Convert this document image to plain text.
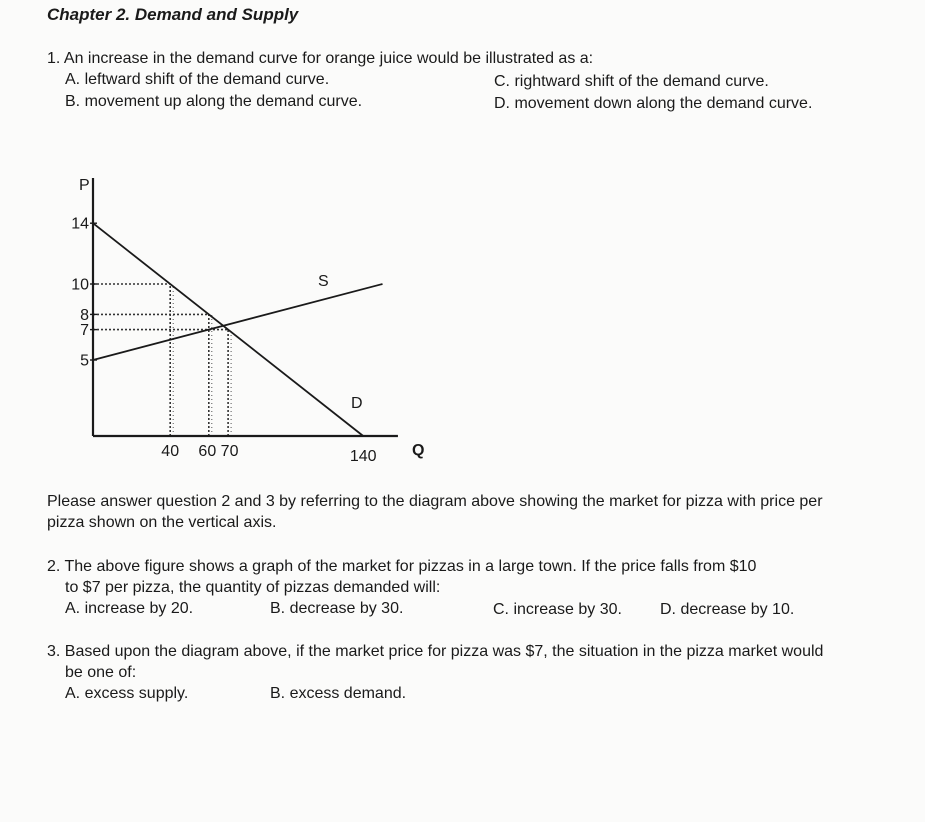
Chapter 2. Demand and Supply
1. An increase in the demand curve for orange juice would be illustrated as a:
A. leftward shift of the demand curve.
B. movement up along the demand curve.
C. rightward shift of the demand curve.
D. movement down along the demand curve.
14
10
8
7
5
P
Q
S
D
40 60 70	140
Please answer question 2 and 3 by referring to the diagram above showing the market for pizza with price per
pizza shown on the vertical axis.
2. The above figure shows a graph of the market for pizzas in a large town. If the price falls from $10
to $7 per pizza, the quantity of pizzas demanded will:
A. increase by 20.	B. decrease by 30.	C. increase by 30. D. decrease by 10.
3. Based upon the diagram above, if the market price for pizza was $7, the situation in the pizza market would
be one of:
A. excess supply.	B. excess demand.
